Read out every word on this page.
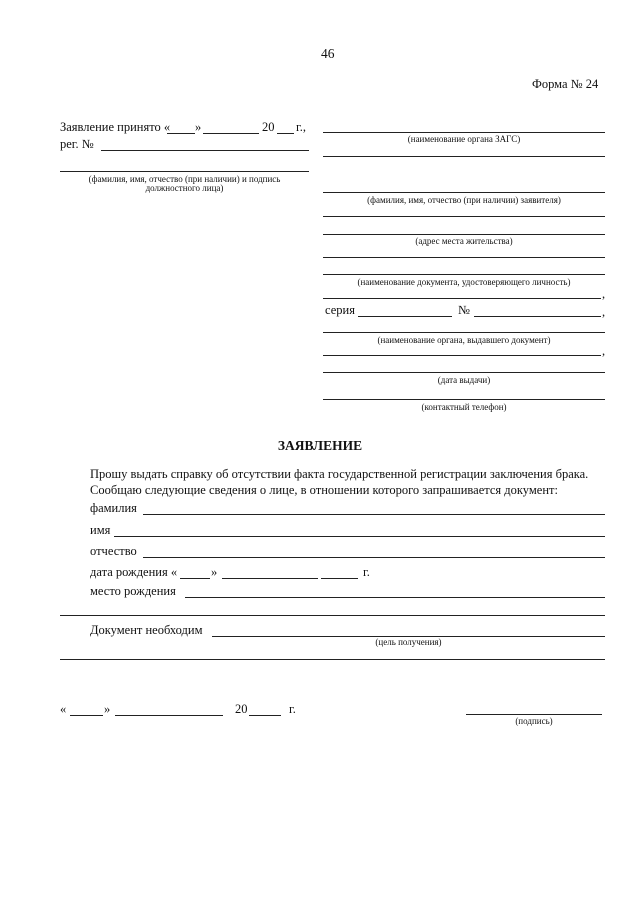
46
Форма № 24
Заявление принято « »	20 г.,
рег. №
(фамилия, имя, отчество (при наличии) и подпись
должностного лица)
(наименование органа ЗАГС)
(фамилия, имя, отчество (при наличии) заявителя)
(адрес места жительства)
(наименование документа, удостоверяющего личность)
,
серия	№	,
(наименование органа, выдавшего документ)
,
(дата выдачи)
(контактный телефон)
ЗАЯВЛЕНИЕ
Прошу выдать справку об отсутствии факта государственной регистрации заключения брака.
Сообщаю следующие сведения о лице, в отношении которого запрашивается документ:
фамилия
имя
отчество
дата рождения «	»	г.
место рождения
Документ необходим
(цель получения)
«	»	20	г.
(подпись)
